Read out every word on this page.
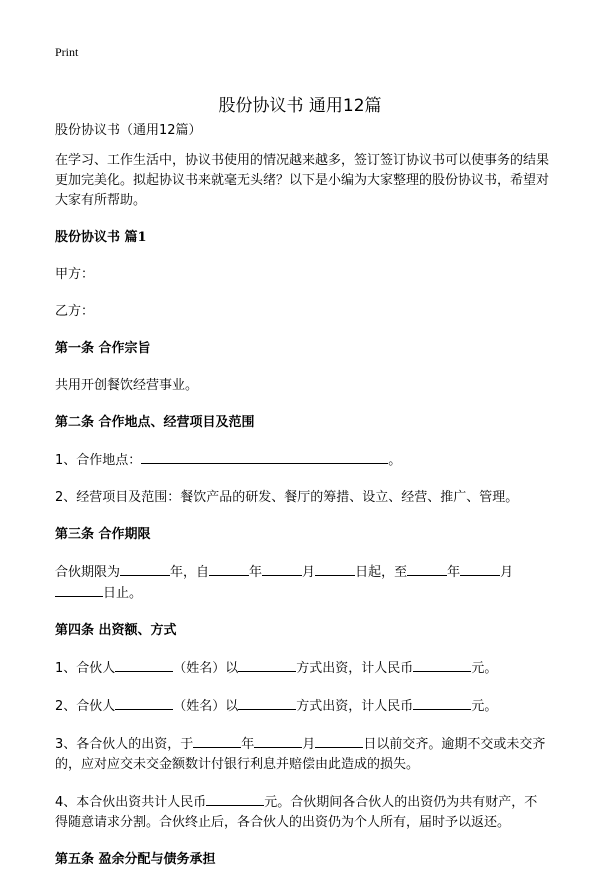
Print
股份协议书 通用12篇

股份协议书（通用12篇）

在学习、工作生活中，协议书使用的情况越来越多，签订签订协议书可以使事务的结果更加完美化。拟起协议书来就毫无头绪？以下是小编为大家整理的股份协议书，希望对大家有所帮助。

股份协议书 篇1

甲方：

乙方：

第一条 合作宗旨

共用开创餐饮经营事业。

第二条 合作地点、经营项目及范围

1、合作地点：	。

2、经营项目及范围：餐饮产品的研发、餐厅的筹措、设立、经营、推广、管理。

第三条 合作期限

合伙期限为	年，自	年	月	日起，至	年	月日止。

第四条 出资额、方式

1、合伙人	（姓名）以	方式出资，计人民币	元。

2、合伙人	（姓名）以	方式出资，计人民币	元。

3、各合伙人的出资，于	年	月	日以前交齐。逾期不交或未交齐的，应对应交未交金额数计付银行利息并赔偿由此造成的损失。

4、本合伙出资共计人民币	元。合伙期间各合伙人的出资仍为共有财产，不得随意请求分割。合伙终止后，各合伙人的出资仍为个人所有，届时予以返还。

第五条 盈余分配与债务承担
